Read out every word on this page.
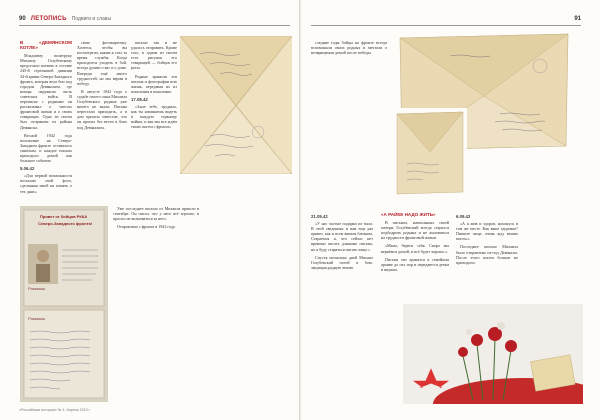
90 ЛЕТОПИСЬ Подвиги и славы

В «ДЕМЯНСКОМ КОТЛЕ»

Младшему политруку Михаилу Голубевскому предстояло воевать в составе 245-й стрелковой дивизии 34-й армии Северо-Западного фронта, которая вела бои под городом Демянском, где немцы окружили часть советских войск. В переписке с родными он рассказывал о тяготах фронтовой жизни и о своих товарищах. Одно из писем был отправлен из района Демянска.

Весной 1942 года положение на Северо-Западном фронте оставалось тяжёлым, и каждое письмо приходило домой как большое событие.

5.06.42

«Для первой возможности посылаю свой фото, сделанная мной на память о тех днях»

свою фотокарточку. Хочется, чтобы вы посмотрели, каким я стал за время службы. Когда приходится уходить в бой, всегда думаю о вас и о доме. Впереди ещё много трудностей, но мы верим в победу.

В августе 1942 года о судьбе своего сына Михаила Голубевского родные уже ничего не знали. Письма перестали приходить, а в дом пришло известие, что он пропал без вести в боях под Демянском.

письмо так и не удалось отправить. Кроме того, в одном из писем есть рисунок его товарищей — бойцов его роты.

Родные хранили эти письма и фотографии всю жизнь, передавая их из поколения в поколение.

17.08.42

«Злые тебе, трудных, как ты начинаешь видеть в каждую страницу войны, и как мы все ждём твоих писем с фронта»

Привет от бойцов РККА
Северо-Западного фронта!
Ромашки
Ромашки

Уже последнее письмо от Михаила пришло в сентябре. Он писал, что у него всё хорошо, и просил не волноваться за него.

Отправлено с фронта в 1942 году.

«Российская история» № 4. Апрель 2019 г.
91

следние годы бойцы на фронте всегда вспоминали своих родных и мечтали о возвращении домой после победы.

21.09.42

«У нас частые подарки из тыла. В этой сведениях и вам еще раз привет, как и всем вашим близким. Стараемся я, что сейчас нет времени писать длинные письма, но я буду стараться писать чаще.»

Спустя несколько дней Михаил Голубевский погиб в бою, защищая родную землю.

«А РАЙКЕ НАДО ЖИТЬ»

В письмах, написанных своей матери, Голубевский всегда старался подбодрить родных и не жаловаться на трудности фронтовой жизни.

«Мама, береги себя. Скоро мы вернёмся домой, и всё будет хорошо.»

Письма эти хранятся в семейном архиве до сих пор и передаются детям и внукам.

6.09.42

«А я жив и здоров, нахожусь в том же месте. Как ваше здоровье? Пишите чаще, очень жду ваших писем.»

Последнее письмо Михаила было отправлено из-под Демянска. После этого писем больше не приходило.
